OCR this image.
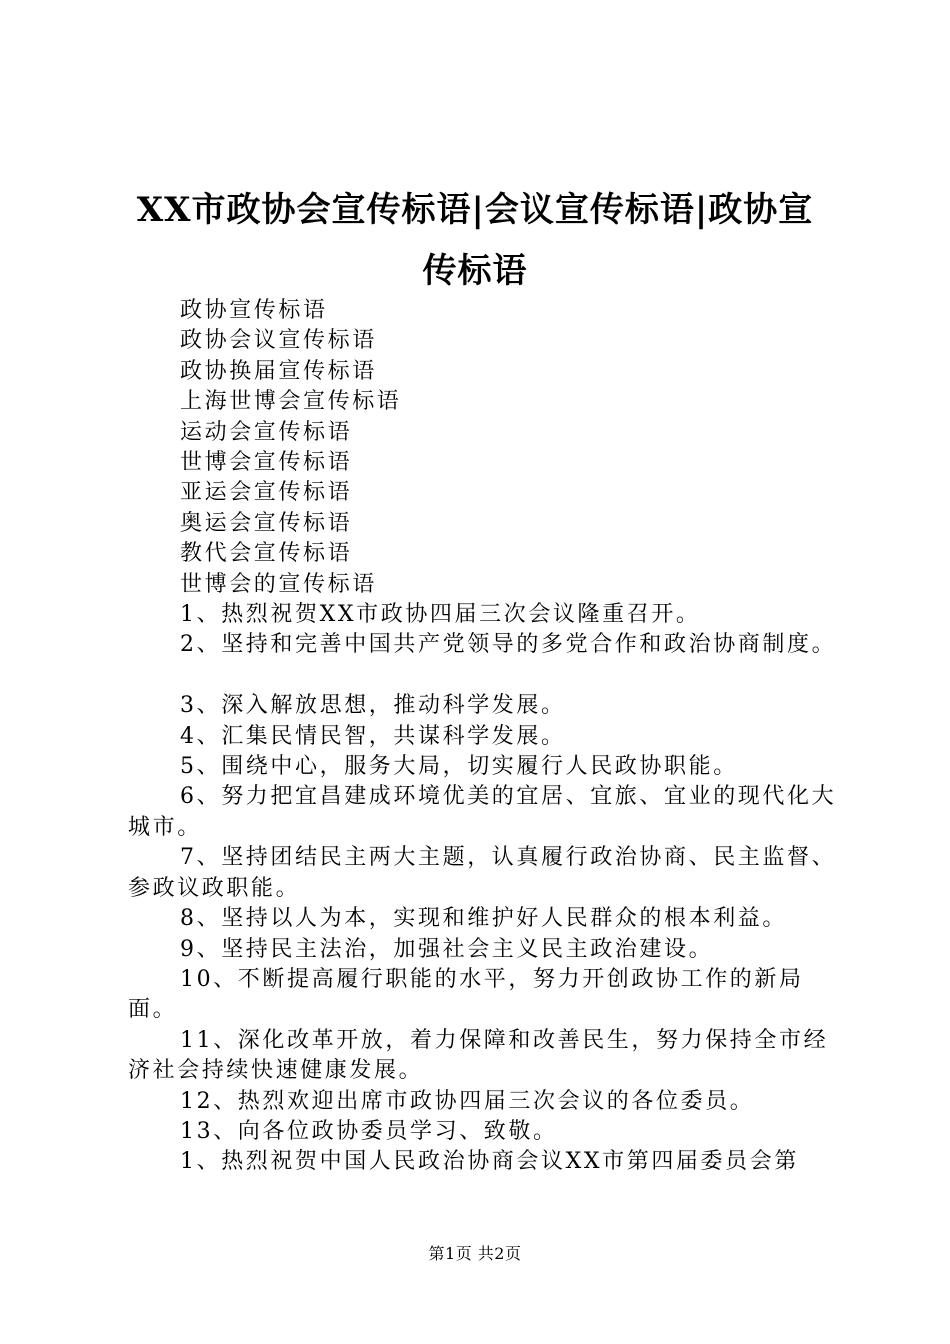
XX市政协会宣传标语|会议宣传标语|政协宣
传标语

政协宣传标语

政协会议宣传标语

政协换届宣传标语

上海世博会宣传标语

运动会宣传标语

世博会宣传标语

亚运会宣传标语

奥运会宣传标语

教代会宣传标语

世博会的宣传标语

1、热烈祝贺XX市政协四届三次会议隆重召开。

2、坚持和完善中国共产党领导的多党合作和政治协商制度。

3、深入解放思想，推动科学发展。

4、汇集民情民智，共谋科学发展。

5、围绕中心，服务大局，切实履行人民政协职能。

6、努力把宜昌建成环境优美的宜居、宜旅、宜业的现代化大城市。

7、坚持团结民主两大主题，认真履行政治协商、民主监督、参政议政职能。

8、坚持以人为本，实现和维护好人民群众的根本利益。

9、坚持民主法治，加强社会主义民主政治建设。

10、不断提高履行职能的水平，努力开创政协工作的新局面。

11、深化改革开放，着力保障和改善民生，努力保持全市经济社会持续快速健康发展。

12、热烈欢迎出席市政协四届三次会议的各位委员。

13、向各位政协委员学习、致敬。

1、热烈祝贺中国人民政治协商会议XX市第四届委员会第

第1页 共2页
